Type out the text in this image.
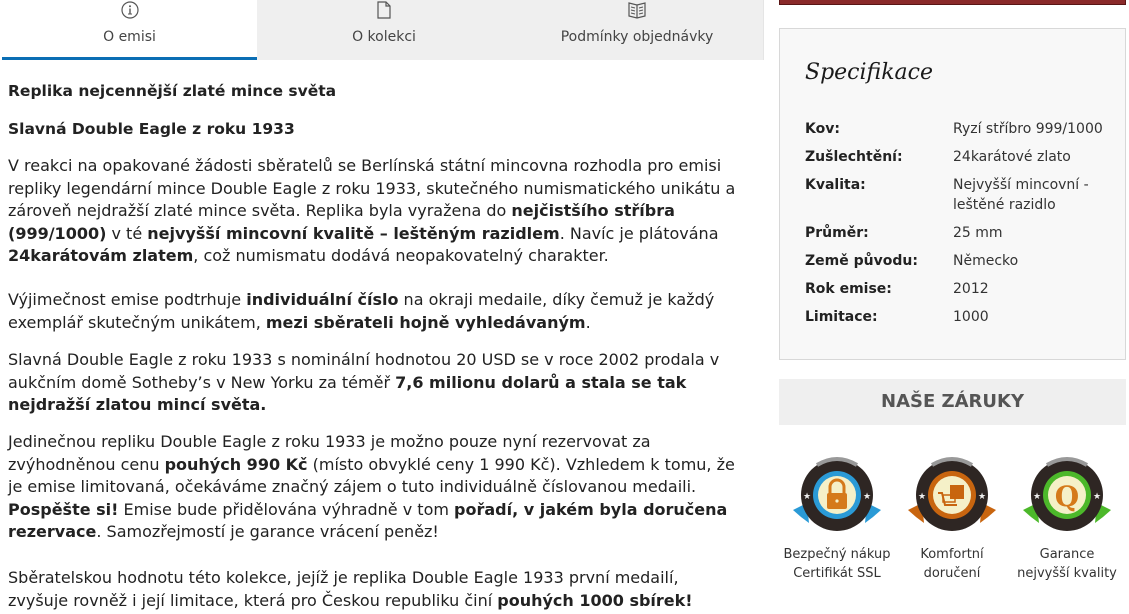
O emisi	O kolekci	Podmínky objednávky
Replika nejcennější zlaté mince světa
Slavná Double Eagle z roku 1933
V reakci na opakované žádosti sběratelů se Berlínská státní mincovna rozhodla pro emisi repliky legendární mince Double Eagle z roku 1933, skutečného numismatického unikátu a zároveň nejdražší zlaté mince světa. Replika byla vyražena do nejčistšího stříbra (999/1000) v té nejvyšší mincovní kvalitě – leštěným razidlem. Navíc je plátována 24karátovám zlatem, což numismatu dodává neopakovatelný charakter.
Výjimečnost emise podtrhuje individuální číslo na okraji medaile, díky čemuž je každý exemplář skutečným unikátem, mezi sběrateli hojně vyhledávaným.
Slavná Double Eagle z roku 1933 s nominální hodnotou 20 USD se v roce 2002 prodala v aukčním domě Sotheby’s v New Yorku za téměř 7,6 milionu dolarů a stala se tak nejdražší zlatou mincí světa.
Jedinečnou repliku Double Eagle z roku 1933 je možno pouze nyní rezervovat za zvýhodněnou cenu pouhých 990 Kč (místo obvyklé ceny 1 990 Kč). Vzhledem k tomu, že je emise limitovaná, očekáváme značný zájem o tuto individuálně číslovanou medaili. Pospěšte si! Emise bude přidělována výhradně v tom pořadí, v jakém byla doručena rezervace. Samozřejmostí je garance vrácení peněz!
Sběratelskou hodnotu této kolekce, jejíž je replika Double Eagle 1933 první medailí, zvyšuje rovněž i její limitace, která pro Českou republiku činí pouhých 1000 sbírek!
Specifikace
Kov:	Ryzí stříbro 999/1000
Zušlechtění:	24karátové zlato
Kvalita:	Nejvyšší mincovní - leštěné razidlo
Průměr:	25 mm
Země původu:	Německo
Rok emise:	2012
Limitace:	1000
NAŠE ZÁRUKY
★	★
Bezpečný nákup Certifikát SSL
★	★
Komfortní doručení
Q
★	★
Garance nejvyšší kvality
